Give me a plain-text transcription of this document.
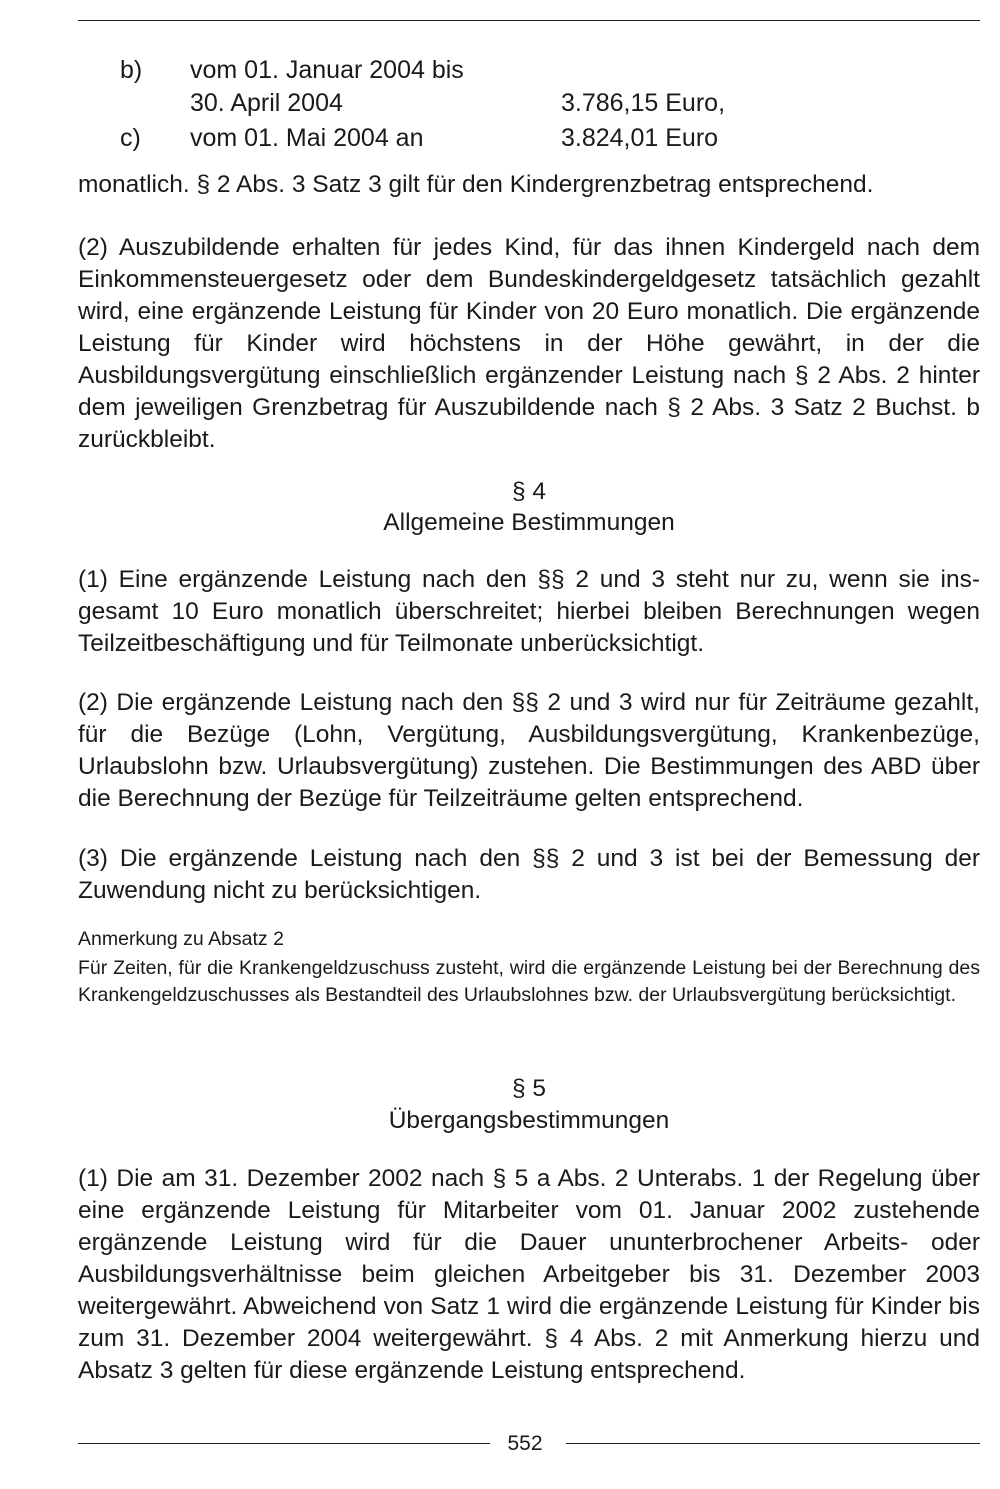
b) vom 01. Januar 2004 bis
30. April 2004	3.786,15 Euro,
c) vom 01. Mai 2004 an	3.824,01 Euro

monatlich. § 2 Abs. 3 Satz 3 gilt für den Kindergrenzbetrag entsprechend.

(2) Auszubildende erhalten für jedes Kind, für das ihnen Kindergeld nach dem Einkommensteuergesetz oder dem Bundeskindergeldgesetz tatsächlich gezahlt wird, eine ergänzende Leistung für Kinder von 20 Euro monatlich. Die ergänzende Leistung für Kinder wird höchstens in der Höhe gewährt, in der die Ausbildungsvergütung einschließlich ergänzender Leistung nach § 2 Abs. 2 hinter dem jeweiligen Grenzbetrag für Auszubildende nach § 2 Abs. 3 Satz 2 Buchst. b zurückbleibt.

§ 4

Allgemeine Bestimmungen

(1) Eine ergänzende Leistung nach den §§ 2 und 3 steht nur zu, wenn sie insgesamt 10 Euro monatlich überschreitet; hierbei bleiben Berechnungen wegen Teilzeitbeschäftigung und für Teilmonate unberücksichtigt.

(2) Die ergänzende Leistung nach den §§ 2 und 3 wird nur für Zeiträume gezahlt, für die Bezüge (Lohn, Vergütung, Ausbildungsvergütung, Krankenbezüge, Urlaubslohn bzw. Urlaubsvergütung) zustehen. Die Bestimmungen des ABD über die Berechnung der Bezüge für Teilzeiträume gelten entsprechend.

(3) Die ergänzende Leistung nach den §§ 2 und 3 ist bei der Bemessung der Zuwendung nicht zu berücksichtigen.

Anmerkung zu Absatz 2

Für Zeiten, für die Krankengeldzuschuss zusteht, wird die ergänzende Leistung bei der Berechnung des Krankengeldzuschusses als Bestandteil des Urlaubslohnes bzw. der Urlaubsvergütung berücksichtigt.

§ 5

Übergangsbestimmungen

(1) Die am 31. Dezember 2002 nach § 5 a Abs. 2 Unterabs. 1 der Regelung über eine ergänzende Leistung für Mitarbeiter vom 01. Januar 2002 zustehende ergänzende Leistung wird für die Dauer ununterbrochener Arbeits- oder Ausbildungsverhältnisse beim gleichen Arbeitgeber bis 31. Dezember 2003 weitergewährt. Abweichend von Satz 1 wird die ergänzende Leistung für Kinder bis zum 31. Dezember 2004 weitergewährt. § 4 Abs. 2 mit Anmerkung hierzu und Absatz 3 gelten für diese ergänzende Leistung entsprechend.

552
